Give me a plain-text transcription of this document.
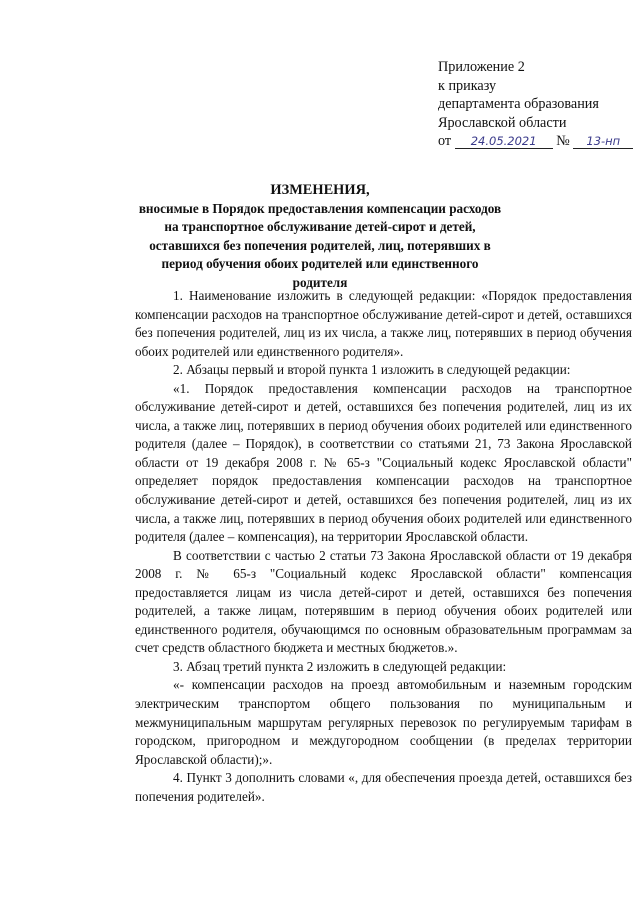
Приложение 2
к приказу
департамента образования
Ярославской области
от 24.05.2021 № 13-нп
ИЗМЕНЕНИЯ,
вносимые в Порядок предоставления компенсации расходов на транспортное обслуживание детей-сирот и детей, оставшихся без попечения родителей, лиц, потерявших в период обучения обоих родителей или единственного родителя

1. Наименование изложить в следующей редакции: «Порядок предоставления компенсации расходов на транспортное обслуживание детей-сирот и детей, оставшихся без попечения родителей, лиц из их числа, а также лиц, потерявших в период обучения обоих родителей или единственного родителя».

2. Абзацы первый и второй пункта 1 изложить в следующей редакции:

«1. Порядок предоставления компенсации расходов на транспортное обслуживание детей-сирот и детей, оставшихся без попечения родителей, лиц из их числа, а также лиц, потерявших в период обучения обоих родителей или единственного родителя (далее – Порядок), в соответствии со статьями 21, 73 Закона Ярославской области от 19 декабря 2008 г. № 65-з "Социальный кодекс Ярославской области" определяет порядок предоставления компенсации расходов на транспортное обслуживание детей-сирот и детей, оставшихся без попечения родителей, лиц из их числа, а также лиц, потерявших в период обучения обоих родителей или единственного родителя (далее – компенсация), на территории Ярославской области.

В соответствии с частью 2 статьи 73 Закона Ярославской области от 19 декабря 2008 г. № 65-з "Социальный кодекс Ярославской области" компенсация предоставляется лицам из числа детей-сирот и детей, оставшихся без попечения родителей, а также лицам, потерявшим в период обучения обоих родителей или единственного родителя, обучающимся по основным образовательным программам за счет средств областного бюджета и местных бюджетов.».

3. Абзац третий пункта 2 изложить в следующей редакции:

«- компенсации расходов на проезд автомобильным и наземным городским электрическим транспортом общего пользования по муниципальным и межмуниципальным маршрутам регулярных перевозок по регулируемым тарифам в городском, пригородном и междугородном сообщении (в пределах территории Ярославской области);».

4. Пункт 3 дополнить словами «, для обеспечения проезда детей, оставшихся без попечения родителей».
